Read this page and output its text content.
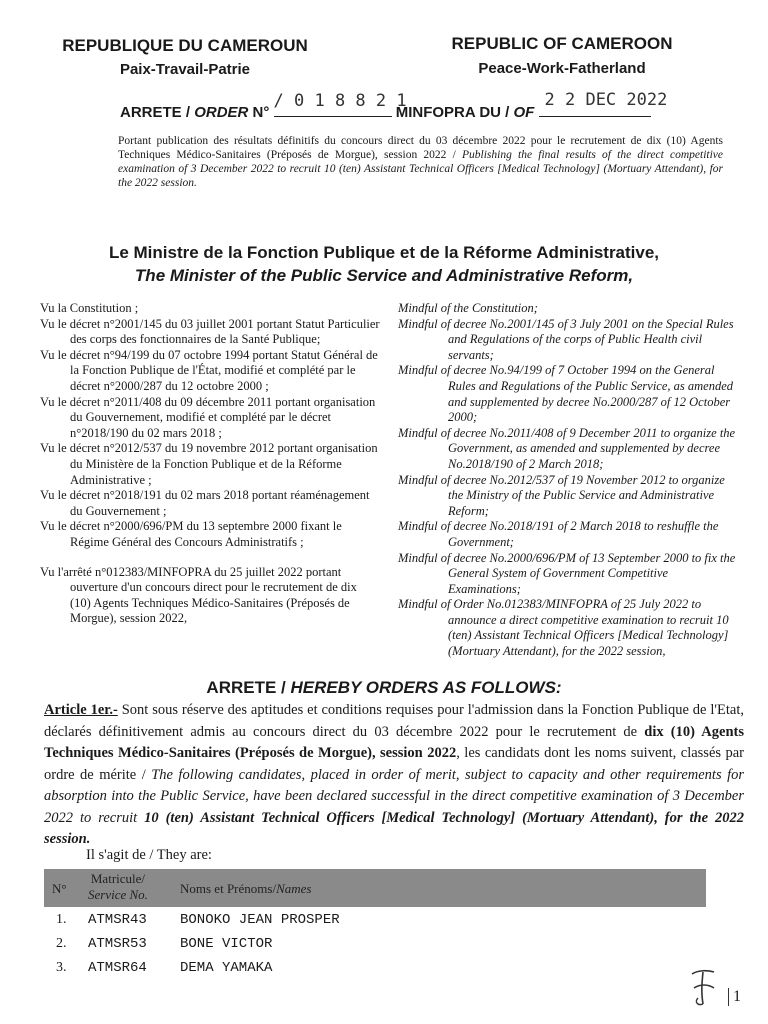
REPUBLIQUE DU CAMEROUN
Paix-Travail-Patrie
REPUBLIC OF CAMEROON
Peace-Work-Fatherland
ARRETE / ORDER N°
/ 0 1 8 8 2 1
MINFOPRA DU / OF
2 2 DEC 2022
Portant publication des résultats définitifs du concours direct du 03 décembre 2022 pour le recrutement de dix (10) Agents Techniques Médico-Sanitaires (Préposés de Morgue), session 2022 / Publishing the final results of the direct competitive examination of 3 December 2022 to recruit 10 (ten) Assistant Technical Officers [Medical Technology] (Mortuary Attendant), for the 2022 session.
Le Ministre de la Fonction Publique et de la Réforme Administrative,
The Minister of the Public Service and Administrative Reform,

Vu la Constitution ;

Vu le décret n°2001/145 du 03 juillet 2001 portant Statut Particulier des corps des fonctionnaires de la Santé Publique;

Vu le décret n°94/199 du 07 octobre 1994 portant Statut Général de la Fonction Publique de l'État, modifié et complété par le décret n°2000/287 du 12 octobre 2000 ;

Vu le décret n°2011/408 du 09 décembre 2011 portant organisation du Gouvernement, modifié et complété par le décret n°2018/190 du 02 mars 2018 ;

Vu le décret n°2012/537 du 19 novembre 2012 portant organisation du Ministère de la Fonction Publique et de la Réforme Administrative ;

Vu le décret n°2018/191 du 02 mars 2018 portant réaménagement du Gouvernement ;

Vu le décret n°2000/696/PM du 13 septembre 2000 fixant le Régime Général des Concours Administratifs ;

Vu l'arrêté n°012383/MINFOPRA du 25 juillet 2022 portant ouverture d'un concours direct pour le recrutement de dix (10) Agents Techniques Médico-Sanitaires (Préposés de Morgue), session 2022,

Mindful of the Constitution;

Mindful of decree No.2001/145 of 3 July 2001 on the Special Rules and Regulations of the corps of Public Health civil servants;

Mindful of decree No.94/199 of 7 October 1994 on the General Rules and Regulations of the Public Service, as amended and supplemented by decree No.2000/287 of 12 October 2000;

Mindful of decree No.2011/408 of 9 December 2011 to organize the Government, as amended and supplemented by decree No.2018/190 of 2 March 2018;

Mindful of decree No.2012/537 of 19 November 2012 to organize the Ministry of the Public Service and Administrative Reform;

Mindful of decree No.2018/191 of 2 March 2018 to reshuffle the Government;

Mindful of decree No.2000/696/PM of 13 September 2000 to fix the General System of Government Competitive Examinations;

Mindful of Order No.012383/MINFOPRA of 25 July 2022 to announce a direct competitive examination to recruit 10 (ten) Assistant Technical Officers [Medical Technology] (Mortuary Attendant), for the 2022 session,

ARRETE / HEREBY ORDERS AS FOLLOWS:
Article 1er.- Sont sous réserve des aptitudes et conditions requises pour l'admission dans la Fonction Publique de l'Etat, déclarés définitivement admis au concours direct du 03 décembre 2022 pour le recrutement de dix (10) Agents Techniques Médico-Sanitaires (Préposés de Morgue), session 2022, les candidats dont les noms suivent, classés par ordre de mérite / The following candidates, placed in order of merit, subject to capacity and other requirements for absorption into the Public Service, have been declared successful in the direct competitive examination of 3 December 2022 to recruit 10 (ten) Assistant Technical Officers [Medical Technology] (Mortuary Attendant), for the 2022 session.
Il s'agit de / They are:
N°
Matricule/
Service No. Noms et Prénoms/Names
1. ATMSR43 BONOKO JEAN PROSPER
2. ATMSR53 BONE VICTOR
3. ATMSR64 DEMA YAMAKA
1
